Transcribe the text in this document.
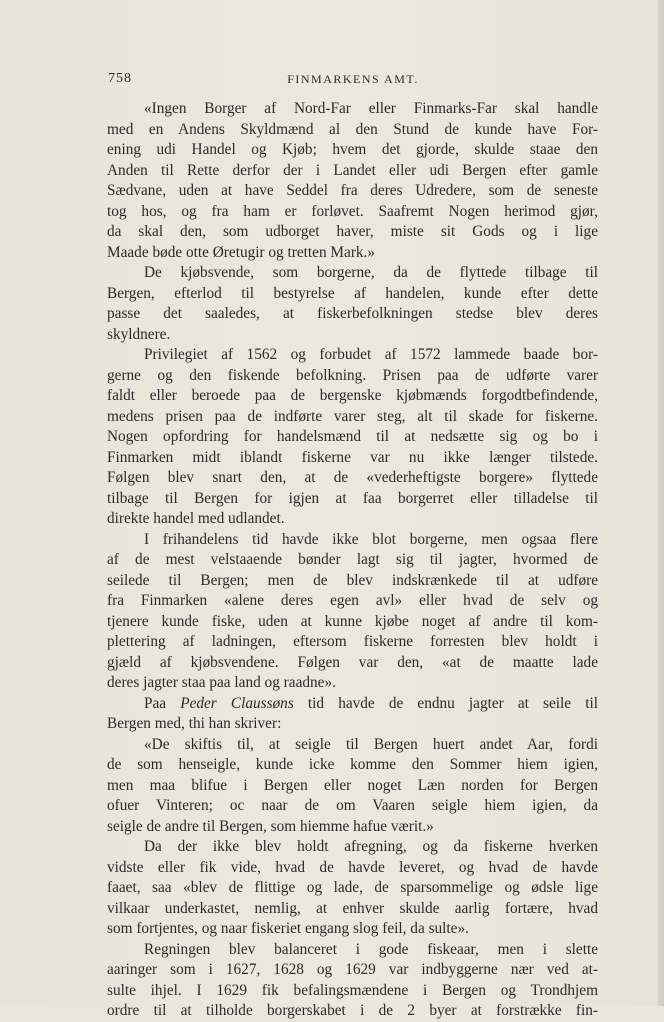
758	FINMARKENS AMT.
«Ingen Borger af Nord-Far eller Finmarks-Far skal handle
med en Andens Skyldmænd al den Stund de kunde have For-
ening udi Handel og Kjøb; hvem det gjorde, skulde staae den
Anden til Rette derfor der i Landet eller udi Bergen efter gamle
Sædvane, uden at have Seddel fra deres Udredere, som de seneste
tog hos, og fra ham er forløvet. Saafremt Nogen herimod gjør,
da skal den, som udborget haver, miste sit Gods og i lige
Maade bøde otte Øretugir og tretten Mark.»
De kjøbsvende, som borgerne, da de flyttede tilbage til
Bergen, efterlod til bestyrelse af handelen, kunde efter dette
passe det saaledes, at fiskerbefolkningen stedse blev deres
skyldnere.
Privilegiet af 1562 og forbudet af 1572 lammede baade bor-
gerne og den fiskende befolkning. Prisen paa de udførte varer
faldt eller beroede paa de bergenske kjøbmænds forgodtbefindende,
medens prisen paa de indførte varer steg, alt til skade for fiskerne.
Nogen opfordring for handelsmænd til at nedsætte sig og bo i
Finmarken midt iblandt fiskerne var nu ikke længer tilstede.
Følgen blev snart den, at de «vederheftigste borgere» flyttede
tilbage til Bergen for igjen at faa borgerret eller tilladelse til
direkte handel med udlandet.
I frihandelens tid havde ikke blot borgerne, men ogsaa flere
af de mest velstaaende bønder lagt sig til jagter, hvormed de
seilede til Bergen; men de blev indskrænkede til at udføre
fra Finmarken «alene deres egen avl» eller hvad de selv og
tjenere kunde fiske, uden at kunne kjøbe noget af andre til kom-
plettering af ladningen, eftersom fiskerne forresten blev holdt i
gjæld af kjøbsvendene. Følgen var den, «at de maatte lade
deres jagter staa paa land og raadne».
Paa Peder Claussøns tid havde de endnu jagter at seile til
Bergen med, thi han skriver:
«De skiftis til, at seigle til Bergen huert andet Aar, fordi
de som henseigle, kunde icke komme den Sommer hiem igien,
men maa blifue i Bergen eller noget Læn norden for Bergen
ofuer Vinteren; oc naar de om Vaaren seigle hiem igien, da
seigle de andre til Bergen, som hiemme hafue værit.»
Da der ikke blev holdt afregning, og da fiskerne hverken
vidste eller fik vide, hvad de havde leveret, og hvad de havde
faaet, saa «blev de flittige og lade, de sparsommelige og ødsle lige
vilkaar underkastet, nemlig, at enhver skulde aarlig fortære, hvad
som fortjentes, og naar fiskeriet engang slog feil, da sulte».
Regningen blev balanceret i gode fiskeaar, men i slette
aaringer som i 1627, 1628 og 1629 var indbyggerne nær ved at-
sulte ihjel. I 1629 fik befalingsmændene i Bergen og Trondhjem
ordre til at tilholde borgerskabet i de 2 byer at forstrække fin-
